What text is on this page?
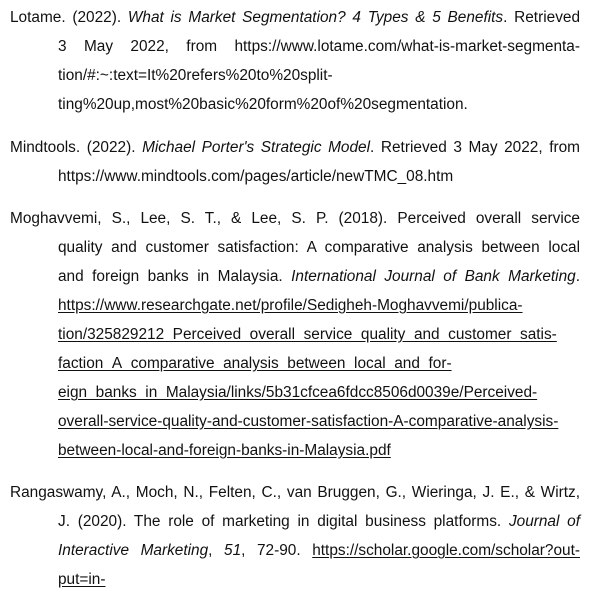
Lotame. (2022). What is Market Segmentation? 4 Types & 5 Benefits. Retrieved
3 May 2022, from https://www.lotame.com/what-is-market-segmenta-
tion/#:~:text=It%20refers%20to%20split-
ting%20up,most%20basic%20form%20of%20segmentation.

Mindtools. (2022). Michael Porter's Strategic Model. Retrieved 3 May 2022, from
https://www.mindtools.com/pages/article/newTMC_08.htm

Moghavvemi, S., Lee, S. T., & Lee, S. P. (2018). Perceived overall service
quality and customer satisfaction: A comparative analysis between local
and foreign banks in Malaysia. International Journal of Bank Marketing.
https://www.researchgate.net/profile/Sedigheh-Moghavvemi/publica-
tion/325829212_Perceived_overall_service_quality_and_customer_satis-
faction_A_comparative_analysis_between_local_and_for-
eign_banks_in_Malaysia/links/5b31cfcea6fdcc8506d0039e/Perceived-
overall-service-quality-and-customer-satisfaction-A-comparative-analysis-
between-local-and-foreign-banks-in-Malaysia.pdf

Rangaswamy, A., Moch, N., Felten, C., van Bruggen, G., Wieringa, J. E., & Wirtz,
J. (2020). The role of marketing in digital business platforms. Journal of
Interactive Marketing, 51, 72-90. https://scholar.google.com/scholar?out-
put=in-
